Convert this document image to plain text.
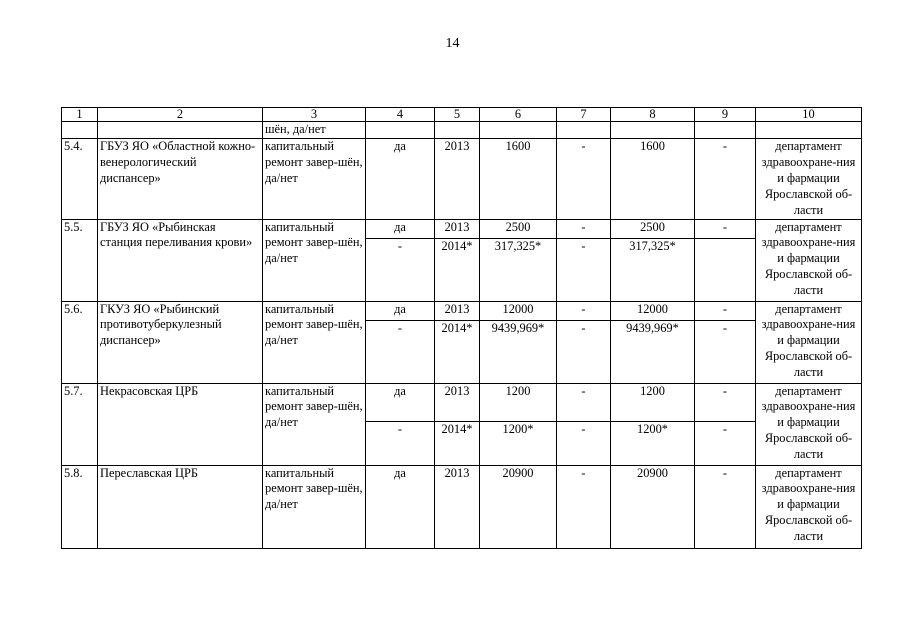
14
1	2	3	4	5	6	7	8	9	10
		шён, да/нет							
5.4.	ГБУЗ ЯО «Областной кожно-венерологический диспансер»	капитальный ремонт завер-шён, да/нет	да	2013	1600	-	1600	-	департамент здравоохране-ния и фармации Ярославской об-ласти
5.5.	ГБУЗ ЯО «Рыбинская станция переливания крови»	капитальный ремонт завер-шён, да/нет	да	2013	2500	-	2500	-	департамент здравоохране-ния и фармации Ярославской об-ласти
			-	2014*	317,325*	-	317,325*		
5.6.	ГКУЗ ЯО «Рыбинский противотуберкулезный диспансер»	капитальный ремонт завер-шён, да/нет	да	2013	12000	-	12000	-	департамент здравоохране-ния и фармации Ярославской об-ласти
			-	2014*	9439,969*	-	9439,969*	-	
5.7.	Некрасовская ЦРБ	капитальный ремонт завер-шён, да/нет	да	2013	1200	-	1200	-	департамент здравоохране-ния и фармации Ярославской об-ласти
			-	2014*	1200*	-	1200*	-	
5.8.	Переславская ЦРБ	капитальный ремонт завер-шён, да/нет	да	2013	20900	-	20900	-	департамент здравоохране-ния и фармации Ярославской об-ласти
